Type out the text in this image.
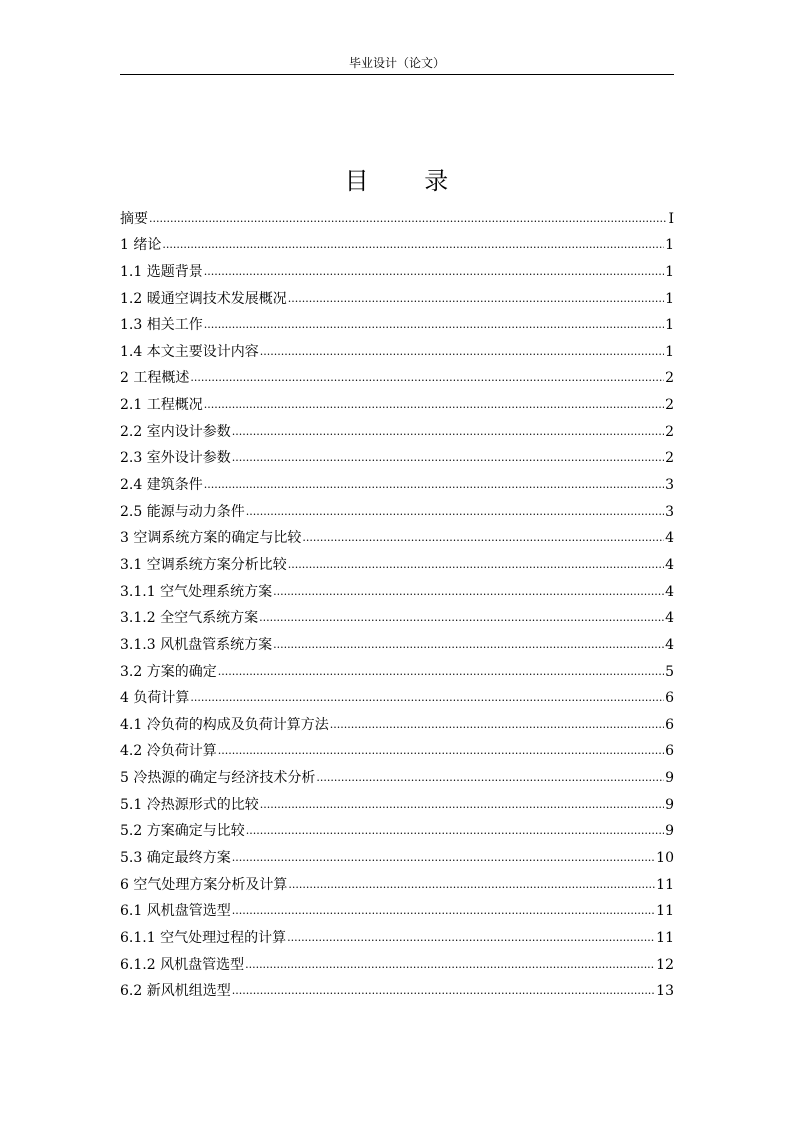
毕业设计（论文）
目 录
摘要 .....	I
1 绪论 .....	1
1.1 选题背景 .....	1
1.2 暖通空调技术发展概况 .....	1
1.3 相关工作 .....	1
1.4 本文主要设计内容 .....	1
2 工程概述 .....	2
2.1 工程概况 .....	2
2.2 室内设计参数 .....	2
2.3 室外设计参数 .....	2
2.4 建筑条件 .....	3
2.5 能源与动力条件 .....	3
3 空调系统方案的确定与比较 .....	4
3.1 空调系统方案分析比较 .....	4
3.1.1 空气处理系统方案 .....	4
3.1.2 全空气系统方案 .....	4
3.1.3 风机盘管系统方案 .....	4
3.2 方案的确定 .....	5
4 负荷计算 .....	6
4.1 冷负荷的构成及负荷计算方法 .....	6
4.2 冷负荷计算 .....	6
5 冷热源的确定与经济技术分析 .....	9
5.1 冷热源形式的比较 .....	9
5.2 方案确定与比较 .....	9
5.3 确定最终方案 .....	10
6 空气处理方案分析及计算 .....	11
6.1 风机盘管选型 .....	11
6.1.1 空气处理过程的计算 .....	11
6.1.2 风机盘管选型 .....	12
6.2 新风机组选型 .....	13
